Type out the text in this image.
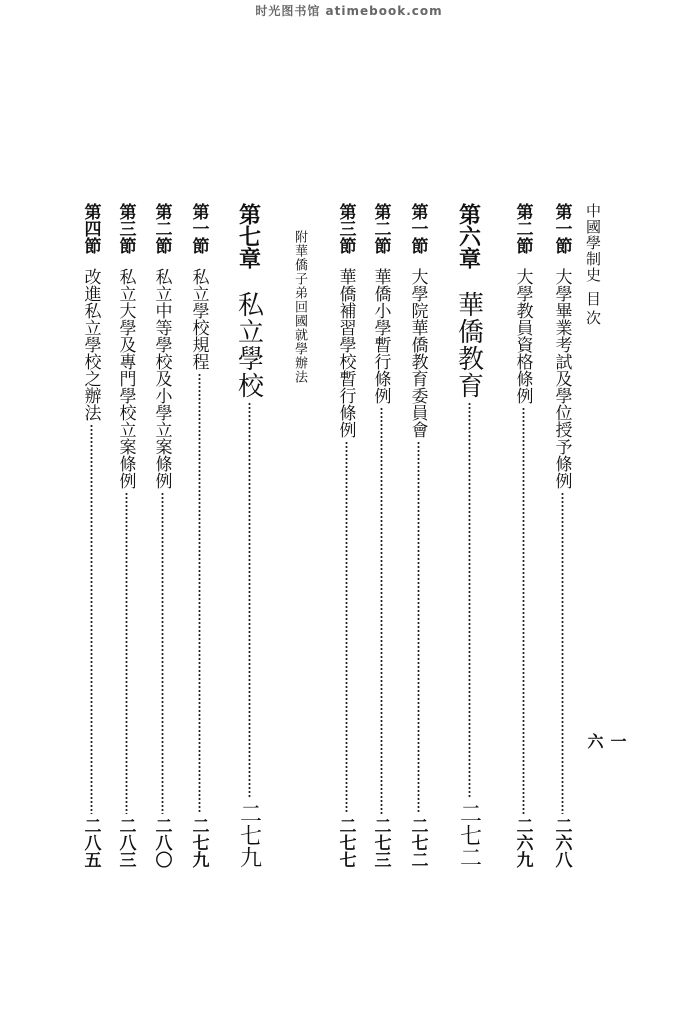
时光图书馆 atimebook.com
中國學制史
目次
一六
第一節
大學畢業考試及學位授予條例
二六八
第二節
大學教員資格條例
二六九
第六章
華僑教育
二七二
第一節
大學院華僑教育委員會
二七二
第二節
華僑小學暫行條例
二七三
第三節
華僑補習學校暫行條例
二七七
附華僑子弟回國就學辦法
第七章
私立學校
二七九
第一節
私立學校規程
二七九
第二節
私立中等學校及小學立案條例
二八〇
第三節
私立大學及專門學校立案條例
二八三
第四節
改進私立學校之辦法
二八五
